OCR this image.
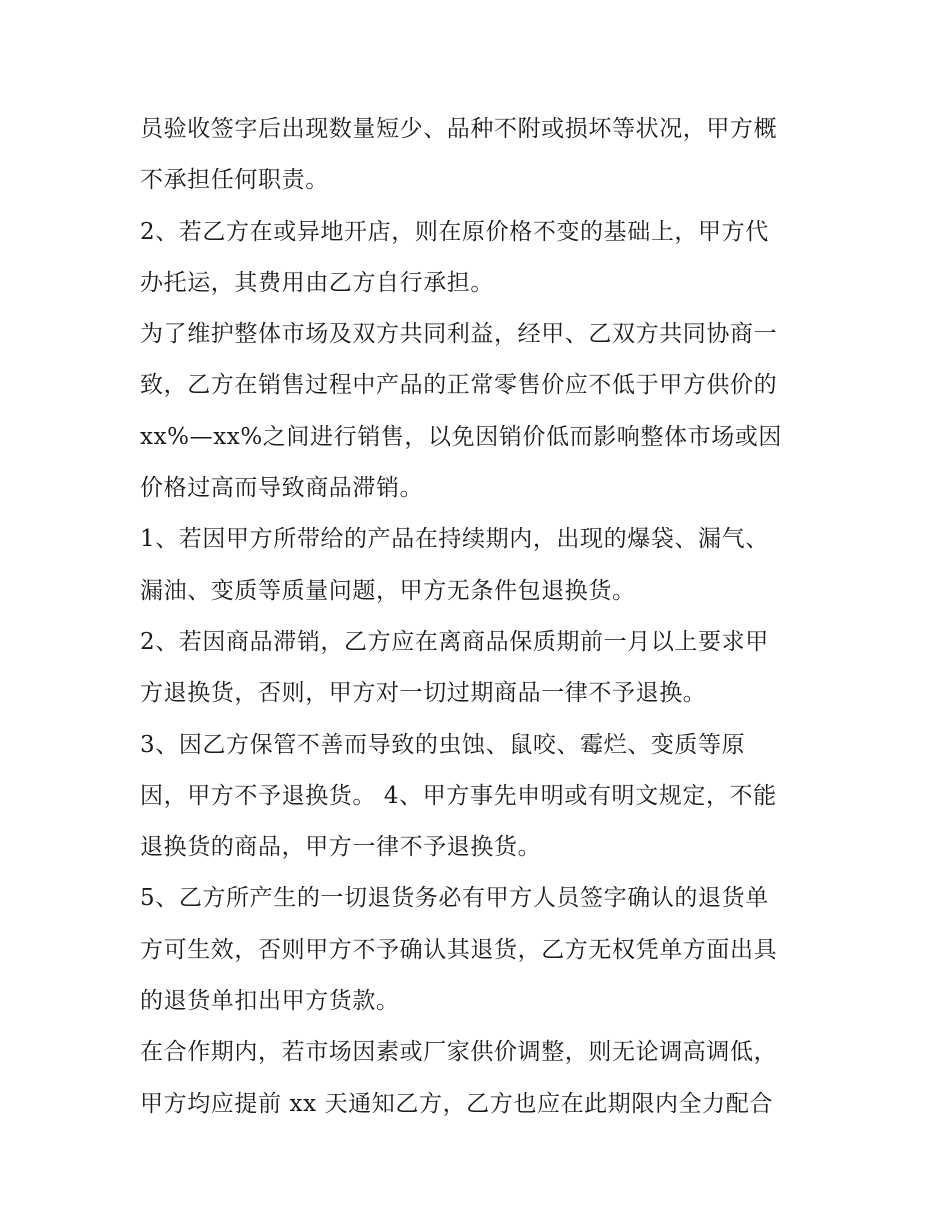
员验收签字后出现数量短少、品种不附或损坏等状况，甲方概
不承担任何职责。
2、若乙方在或异地开店，则在原价格不变的基础上，甲方代
办托运，其费用由乙方自行承担。
为了维护整体市场及双方共同利益，经甲、乙双方共同协商一
致，乙方在销售过程中产品的正常零售价应不低于甲方供价的
xx%—xx%之间进行销售，以免因销价低而影响整体市场或因
价格过高而导致商品滞销。
1、若因甲方所带给的产品在持续期内，出现的爆袋、漏气、
漏油、变质等质量问题，甲方无条件包退换货。
2、若因商品滞销，乙方应在离商品保质期前一月以上要求甲
方退换货，否则，甲方对一切过期商品一律不予退换。
3、因乙方保管不善而导致的虫蚀、鼠咬、霉烂、变质等原
因，甲方不予退换货。 4、甲方事先申明或有明文规定，不能
退换货的商品，甲方一律不予退换货。
5、乙方所产生的一切退货务必有甲方人员签字确认的退货单
方可生效，否则甲方不予确认其退货，乙方无权凭单方面出具
的退货单扣出甲方货款。
在合作期内，若市场因素或厂家供价调整，则无论调高调低，
甲方均应提前 xx 天通知乙方，乙方也应在此期限内全力配合
